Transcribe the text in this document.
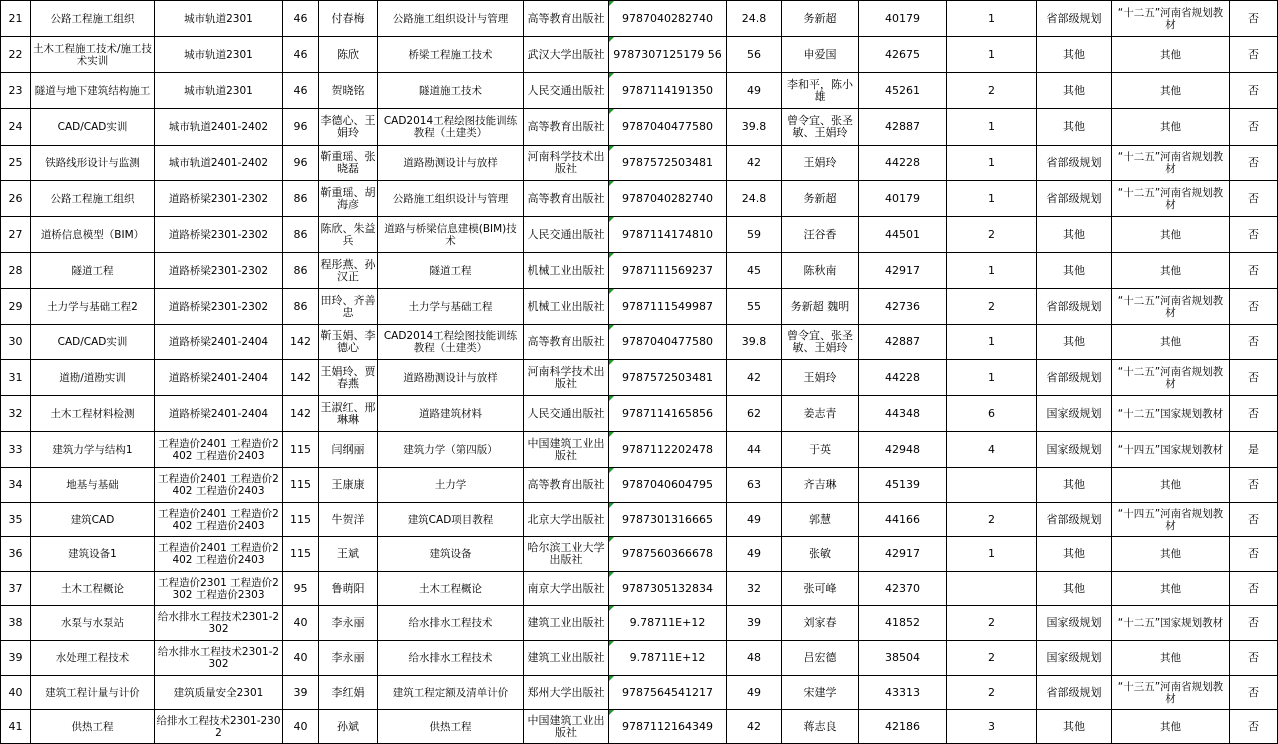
21	公路工程施工组织	城市轨道2301	46	付春梅	公路施工组织设计与管理	高等教育出版社	9787040282740	24.8	务新超	40179	1	省部级规划	“十二五”河南省规划教材	否
22	土木工程施工技术/施工技术实训	城市轨道2301	46	陈欣	桥梁工程施工技术	武汉大学出版社	9787307125179 56	56	申爱国	42675	1	其他	其他	否
23	隧道与地下建筑结构施工	城市轨道2301	46	贺晓铭	隧道施工技术	人民交通出版社	9787114191350	49	李和平，陈小雄	45261	2	其他	其他	否
24	CAD/CAD实训	城市轨道2401-2402	96	李德心、王娟玲	CAD2014工程绘图技能训练教程（土建类）	高等教育出版社	9787040477580	39.8	曾令宜、张圣敏、王娟玲	42887	1	其他	其他	否
25	铁路线形设计与监测	城市轨道2401-2402	96	靳重瑶、张晓磊	道路勘测设计与放样	河南科学技术出版社	9787572503481	42	王娟玲	44228	1	省部级规划	“十二五”河南省规划教材	否
26	公路工程施工组织	道路桥梁2301-2302	86	靳重瑶、胡海彦	公路施工组织设计与管理	高等教育出版社	9787040282740	24.8	务新超	40179	1	省部级规划	“十二五”河南省规划教材	否
27	道桥信息模型（BIM）	道路桥梁2301-2302	86	陈欣、朱益兵	道路与桥梁信息建模(BIM)技术	人民交通出版社	9787114174810	59	汪谷香	44501	2	其他	其他	否
28	隧道工程	道路桥梁2301-2302	86	程彤燕、孙汉正	隧道工程	机械工业出版社	9787111569237	45	陈秋南	42917	1	其他	其他	否
29	土力学与基础工程2	道路桥梁2301-2302	86	田玲、齐善忠	土力学与基础工程	机械工业出版社	9787111549987	55	务新超 魏明	42736	2	省部级规划	“十二五”河南省规划教材	否
30	CAD/CAD实训	道路桥梁2401-2404	142	靳玉娟、李德心	CAD2014工程绘图技能训练教程（土建类）	高等教育出版社	9787040477580	39.8	曾令宜、张圣敏、王娟玲	42887	1	其他	其他	否
31	道勘/道勘实训	道路桥梁2401-2404	142	王娟玲、贾春燕	道路勘测设计与放样	河南科学技术出版社	9787572503481	42	王娟玲	44228	1	省部级规划	“十二五”河南省规划教材	否
32	土木工程材料检测	道路桥梁2401-2404	142	王淑红、邢琳琳	道路建筑材料	人民交通出版社	9787114165856	62	姜志青	44348	6	国家级规划	“十二五”国家规划教材	否
33	建筑力学与结构1	工程造价2401 工程造价2402 工程造价2403	115	闫纲丽	建筑力学（第四版）	中国建筑工业出版社	9787112202478	44	于英	42948	4	国家级规划	“十四五”国家规划教材	是
34	地基与基础	工程造价2401 工程造价2402 工程造价2403	115	王康康	土力学	高等教育出版社	9787040604795	63	齐吉琳	45139		其他	其他	否
35	建筑CAD	工程造价2401 工程造价2402 工程造价2403	115	牛贺洋	建筑CAD项目教程	北京大学出版社	9787301316665	49	郭慧	44166	2	省部级规划	“十四五”河南省规划教材	否
36	建筑设备1	工程造价2401 工程造价2402 工程造价2403	115	王斌	建筑设备	哈尔滨工业大学出版社	9787560366678	49	张敏	42917	1	其他	其他	否
37	土木工程概论	工程造价2301 工程造价2302 工程造价2303	95	鲁萌阳	土木工程概论	南京大学出版社	9787305132834	32	张可峰	42370		其他	其他	否
38	水泵与水泵站	给水排水工程技术2301-2302	40	李永丽	给水排水工程技术	建筑工业出版社	9.78711E+12	39	刘家春	41852	2	国家级规划	“十二五”国家规划教材	否
39	水处理工程技术	给水排水工程技术2301-2302	40	李永丽	给水排水工程技术	建筑工业出版社	9.78711E+12	48	吕宏德	38504	2	国家级规划	其他	否
40	建筑工程计量与计价	建筑质量安全2301	39	李红娟	建筑工程定额及清单计价	郑州大学出版社	9787564541217	49	宋建学	43313	2	省部级规划	“十三五”河南省规划教材	否
41	供热工程	给排水工程技术2301-2302	40	孙斌	供热工程	中国建筑工业出版社	9787112164349	42	蒋志良	42186	3	其他	其他	否
